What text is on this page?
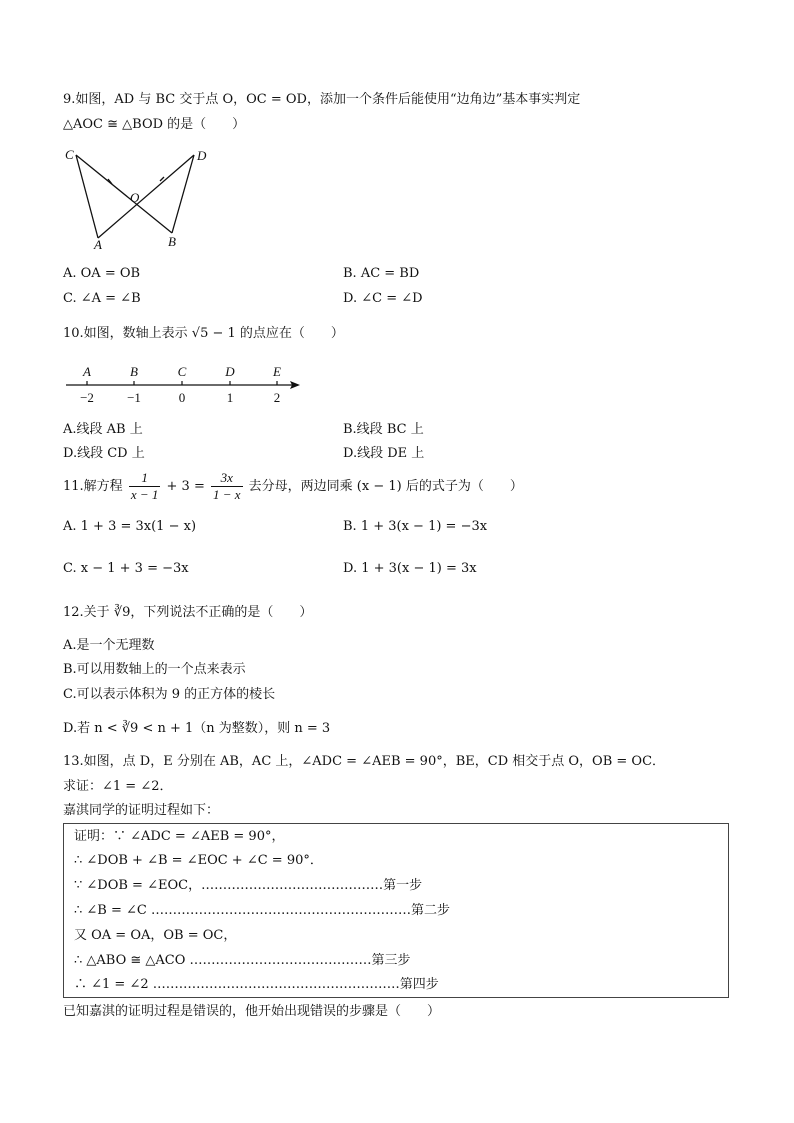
9.如图，AD 与 BC 交于点 O，OC = OD，添加一个条件后能使用“边角边”基本事实判定
△AOC ≅ △BOD 的是（　　）
C	D
O
A	B
A. OA = OB	B. AC = BD
C. ∠A = ∠B	D. ∠C = ∠D
10.如图，数轴上表示 √5 − 1 的点应在（　　）
A	B	C	D	E
−2	−1	0	1	2
A.线段 AB 上	B.线段 BC 上
D.线段 CD 上	D.线段 DE 上
11.解方程 $\frac{1}{x - 1} + 3 = \frac{3x}{1 - x}$ 去分母，两边同乘 (x − 1) 后的式子为（　　）
A. 1 + 3 = 3x(1 − x)	B. 1 + 3(x − 1) = −3x
C. x − 1 + 3 = −3x	D. 1 + 3(x − 1) = 3x
12.关于 ∛9，下列说法不正确的是（　　）
A.是一个无理数
B.可以用数轴上的一个点来表示
C.可以表示体积为 9 的正方体的棱长
D.若 n < ∛9 < n + 1（n 为整数），则 n = 3
13.如图，点 D，E 分别在 AB，AC 上，∠ADC = ∠AEB = 90°，BE，CD 相交于点 O，OB = OC．
求证：∠1 = ∠2．
嘉淇同学的证明过程如下：
证明：∵ ∠ADC = ∠AEB = 90°，
∴ ∠DOB + ∠B = ∠EOC + ∠C = 90°．
∵ ∠DOB = ∠EOC，……………………………………第一步
∴ ∠B = ∠C ……………………………………………………第二步
又 OA = OA，OB = OC，
∴ △ABO ≅ △ACO ……………………………………第三步
∴ ∠1 = ∠2 …………………………………………………第四步
已知嘉淇的证明过程是错误的，他开始出现错误的步骤是（　　）
